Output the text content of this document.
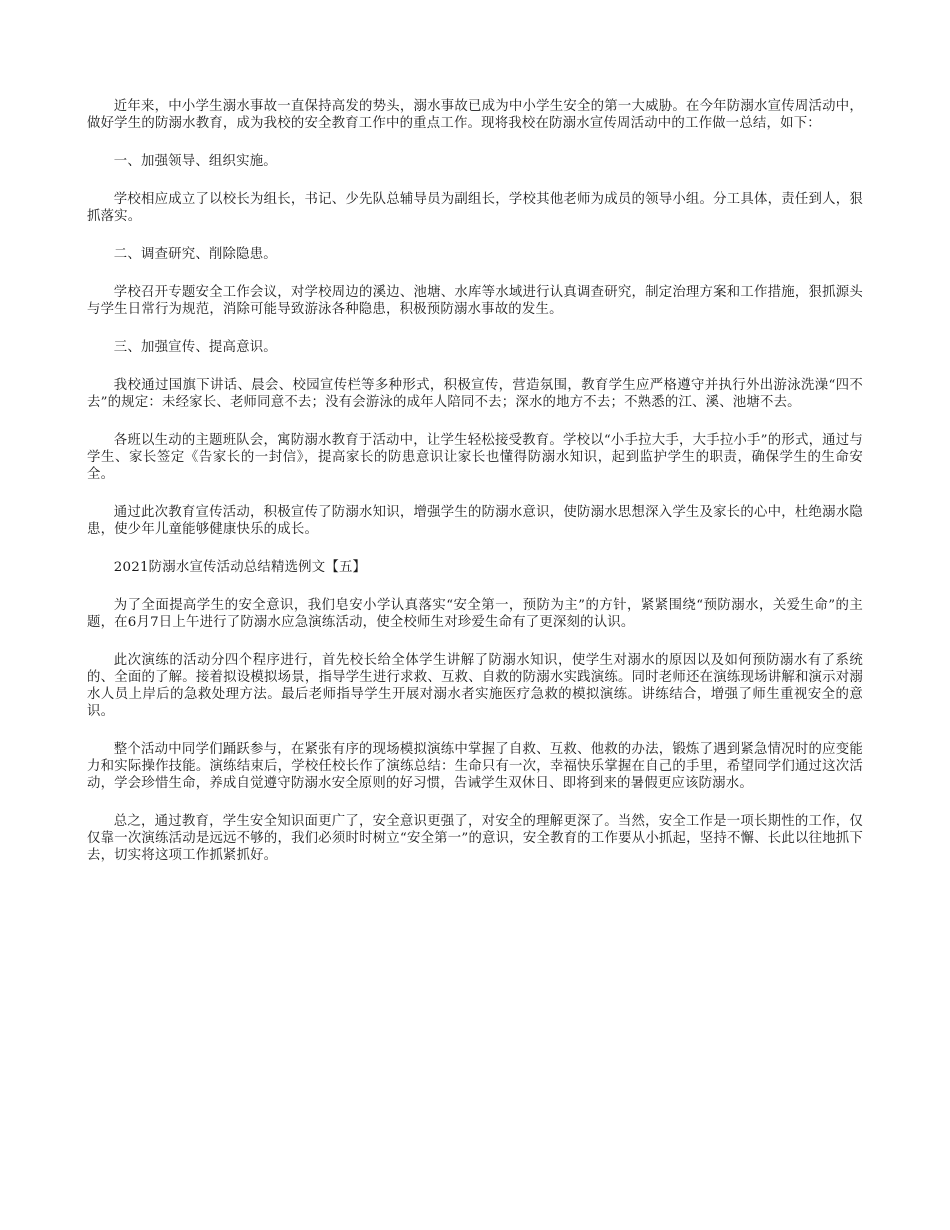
近年来，中小学生溺水事故一直保持高发的势头，溺水事故已成为中小学生安全的第一大威胁。在今年防溺水宣传周活动中，做好学生的防溺水教育，成为我校的安全教育工作中的重点工作。现将我校在防溺水宣传周活动中的工作做一总结，如下：

一、加强领导、组织实施。

学校相应成立了以校长为组长，书记、少先队总辅导员为副组长，学校其他老师为成员的领导小组。分工具体，责任到人，狠抓落实。

二、调查研究、削除隐患。

学校召开专题安全工作会议，对学校周边的溪边、池塘、水库等水域进行认真调查研究，制定治理方案和工作措施，狠抓源头与学生日常行为规范，消除可能导致游泳各种隐患，积极预防溺水事故的发生。

三、加强宣传、提高意识。

我校通过国旗下讲话、晨会、校园宣传栏等多种形式，积极宣传，营造氛围，教育学生应严格遵守并执行外出游泳洗澡“四不去”的规定：未经家长、老师同意不去；没有会游泳的成年人陪同不去；深水的地方不去；不熟悉的江、溪、池塘不去。

各班以生动的主题班队会，寓防溺水教育于活动中，让学生轻松接受教育。学校以“小手拉大手，大手拉小手”的形式，通过与学生、家长签定《告家长的一封信》，提高家长的防患意识让家长也懂得防溺水知识，起到监护学生的职责，确保学生的生命安全。

通过此次教育宣传活动，积极宣传了防溺水知识，增强学生的防溺水意识，使防溺水思想深入学生及家长的心中，杜绝溺水隐患，使少年儿童能够健康快乐的成长。

2021防溺水宣传活动总结精选例文【五】

为了全面提高学生的安全意识，我们皂安小学认真落实“安全第一，预防为主”的方针，紧紧围绕“预防溺水，关爱生命”的主题，在6月7日上午进行了防溺水应急演练活动，使全校师生对珍爱生命有了更深刻的认识。

此次演练的活动分四个程序进行，首先校长给全体学生讲解了防溺水知识，使学生对溺水的原因以及如何预防溺水有了系统的、全面的了解。接着拟设模拟场景，指导学生进行求救、互救、自救的防溺水实践演练。同时老师还在演练现场讲解和演示对溺水人员上岸后的急救处理方法。最后老师指导学生开展对溺水者实施医疗急救的模拟演练。讲练结合，增强了师生重视安全的意识。

整个活动中同学们踊跃参与，在紧张有序的现场模拟演练中掌握了自救、互救、他救的办法，锻炼了遇到紧急情况时的应变能力和实际操作技能。演练结束后，学校任校长作了演练总结：生命只有一次，幸福快乐掌握在自己的手里，希望同学们通过这次活动，学会珍惜生命，养成自觉遵守防溺水安全原则的好习惯，告诫学生双休日、即将到来的暑假更应该防溺水。

总之，通过教育，学生安全知识面更广了，安全意识更强了，对安全的理解更深了。当然，安全工作是一项长期性的工作，仅仅靠一次演练活动是远远不够的，我们必须时时树立“安全第一”的意识，安全教育的工作要从小抓起，坚持不懈、长此以往地抓下去，切实将这项工作抓紧抓好。
